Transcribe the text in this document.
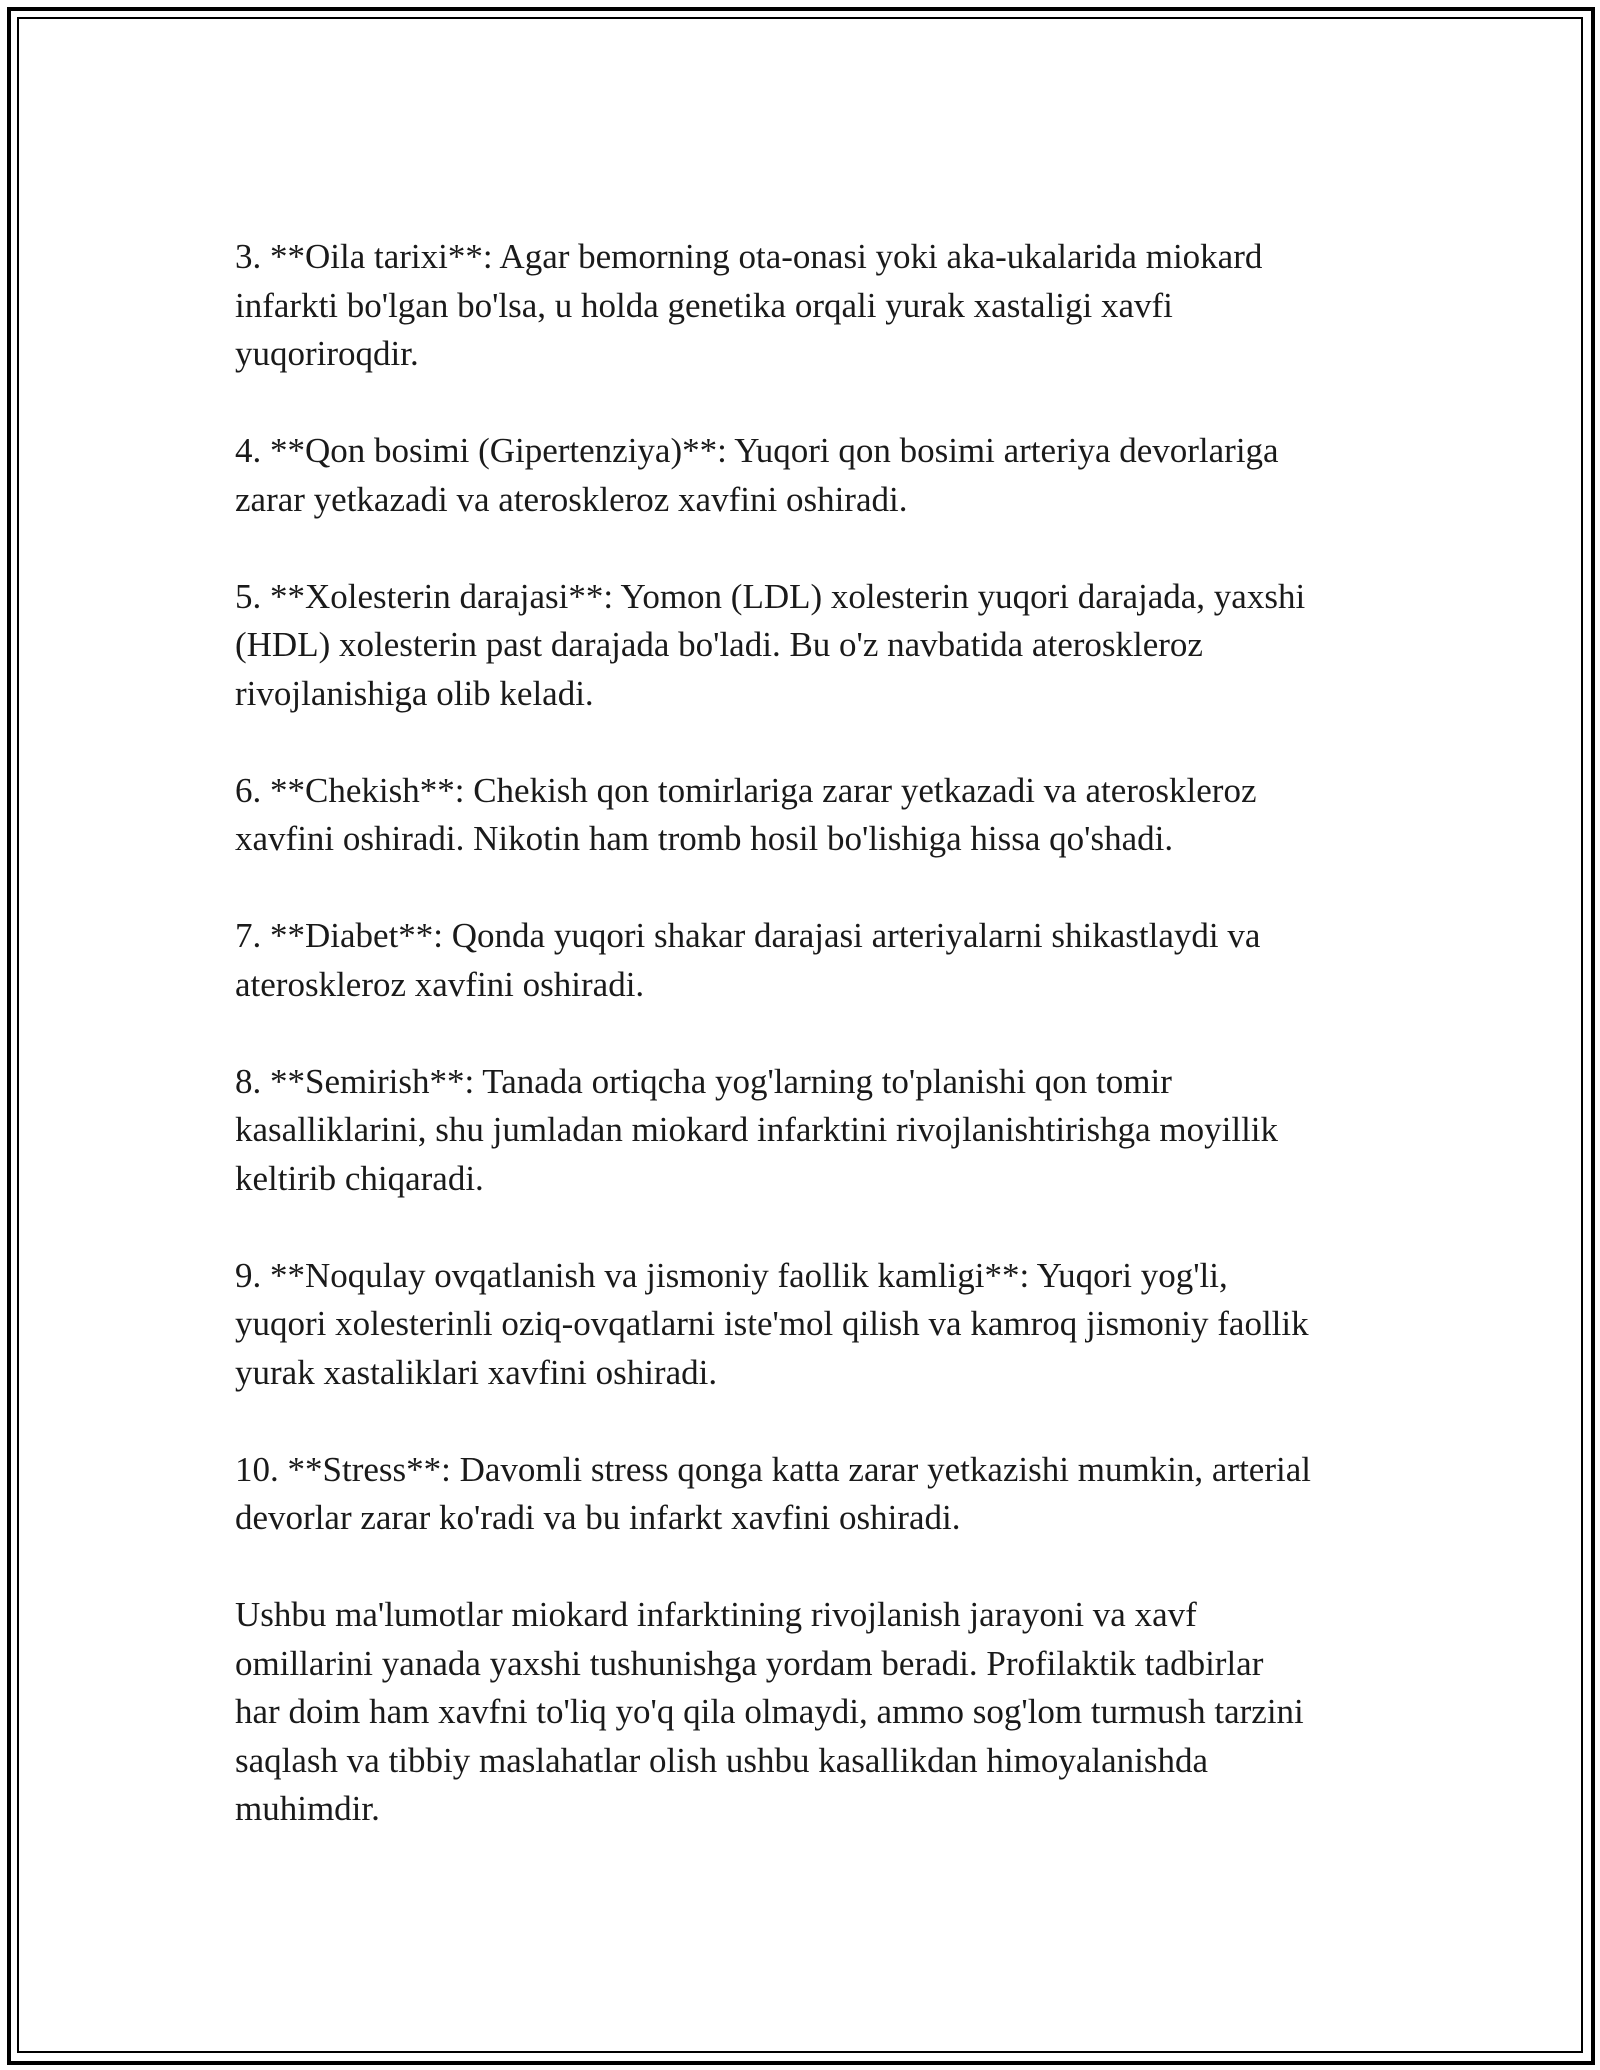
3. **Oila tarixi**: Agar bemorning ota-onasi yoki aka-ukalarida miokard
infarkti bo'lgan bo'lsa, u holda genetika orqali yurak xastaligi xavfi
yuqoriroqdir.

4. **Qon bosimi (Gipertenziya)**: Yuqori qon bosimi arteriya devorlariga
zarar yetkazadi va ateroskleroz xavfini oshiradi.

5. **Xolesterin darajasi**: Yomon (LDL) xolesterin yuqori darajada, yaxshi
(HDL) xolesterin past darajada bo'ladi. Bu o'z navbatida ateroskleroz
rivojlanishiga olib keladi.

6. **Chekish**: Chekish qon tomirlariga zarar yetkazadi va ateroskleroz
xavfini oshiradi. Nikotin ham tromb hosil bo'lishiga hissa qo'shadi.

7. **Diabet**: Qonda yuqori shakar darajasi arteriyalarni shikastlaydi va
ateroskleroz xavfini oshiradi.

8. **Semirish**: Tanada ortiqcha yog'larning to'planishi qon tomir
kasalliklarini, shu jumladan miokard infarktini rivojlanishtirishga moyillik
keltirib chiqaradi.

9. **Noqulay ovqatlanish va jismoniy faollik kamligi**: Yuqori yog'li,
yuqori xolesterinli oziq-ovqatlarni iste'mol qilish va kamroq jismoniy faollik
yurak xastaliklari xavfini oshiradi.

10. **Stress**: Davomli stress qonga katta zarar yetkazishi mumkin, arterial
devorlar zarar ko'radi va bu infarkt xavfini oshiradi.

Ushbu ma'lumotlar miokard infarktining rivojlanish jarayoni va xavf
omillarini yanada yaxshi tushunishga yordam beradi. Profilaktik tadbirlar
har doim ham xavfni to'liq yo'q qila olmaydi, ammo sog'lom turmush tarzini
saqlash va tibbiy maslahatlar olish ushbu kasallikdan himoyalanishda
muhimdir.
